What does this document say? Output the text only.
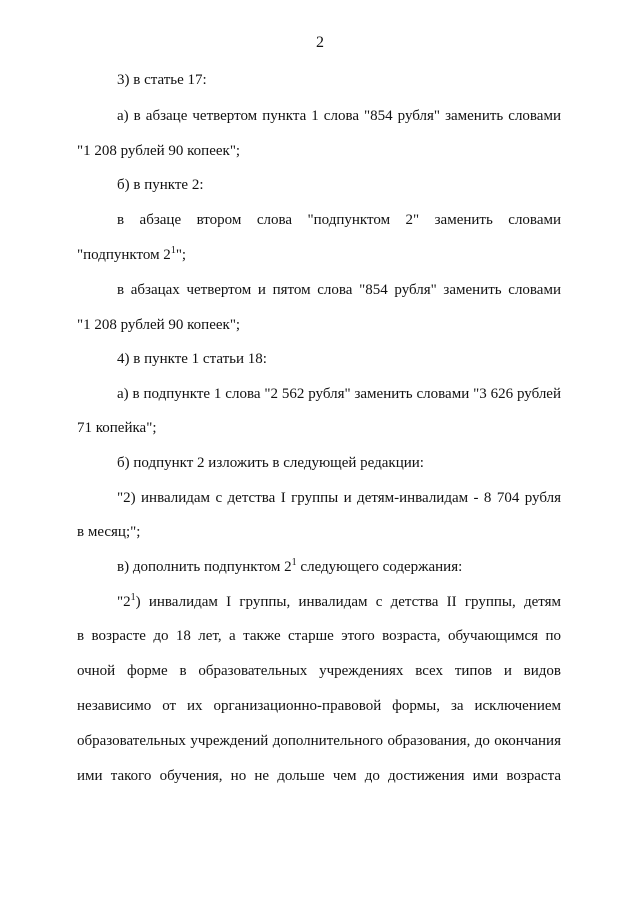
2
3) в статье 17:
а) в абзаце четвертом пункта 1 слова "854 рубля" заменить словами
"1 208 рублей 90 копеек";
б) в пункте 2:
в абзаце втором слова "подпунктом 2" заменить словами
"подпунктом $2^1$";
в абзацах четвертом и пятом слова "854 рубля" заменить словами
"1 208 рублей 90 копеек";
4) в пункте 1 статьи 18:
а) в подпункте 1 слова "2 562 рубля" заменить словами "3 626 рублей
71 копейка";
б) подпункт 2 изложить в следующей редакции:
"2) инвалидам с детства I группы и детям-инвалидам - 8 704 рубля
в месяц;";
в) дополнить подпунктом $2^1$ следующего содержания:
"$2^1$) инвалидам I группы, инвалидам с детства II группы, детям
в возрасте до 18 лет, а также старше этого возраста, обучающимся по
очной форме в образовательных учреждениях всех типов и видов
независимо от их организационно-правовой формы, за исключением
образовательных учреждений дополнительного образования, до окончания
ими такого обучения, но не дольше чем до достижения ими возраста
